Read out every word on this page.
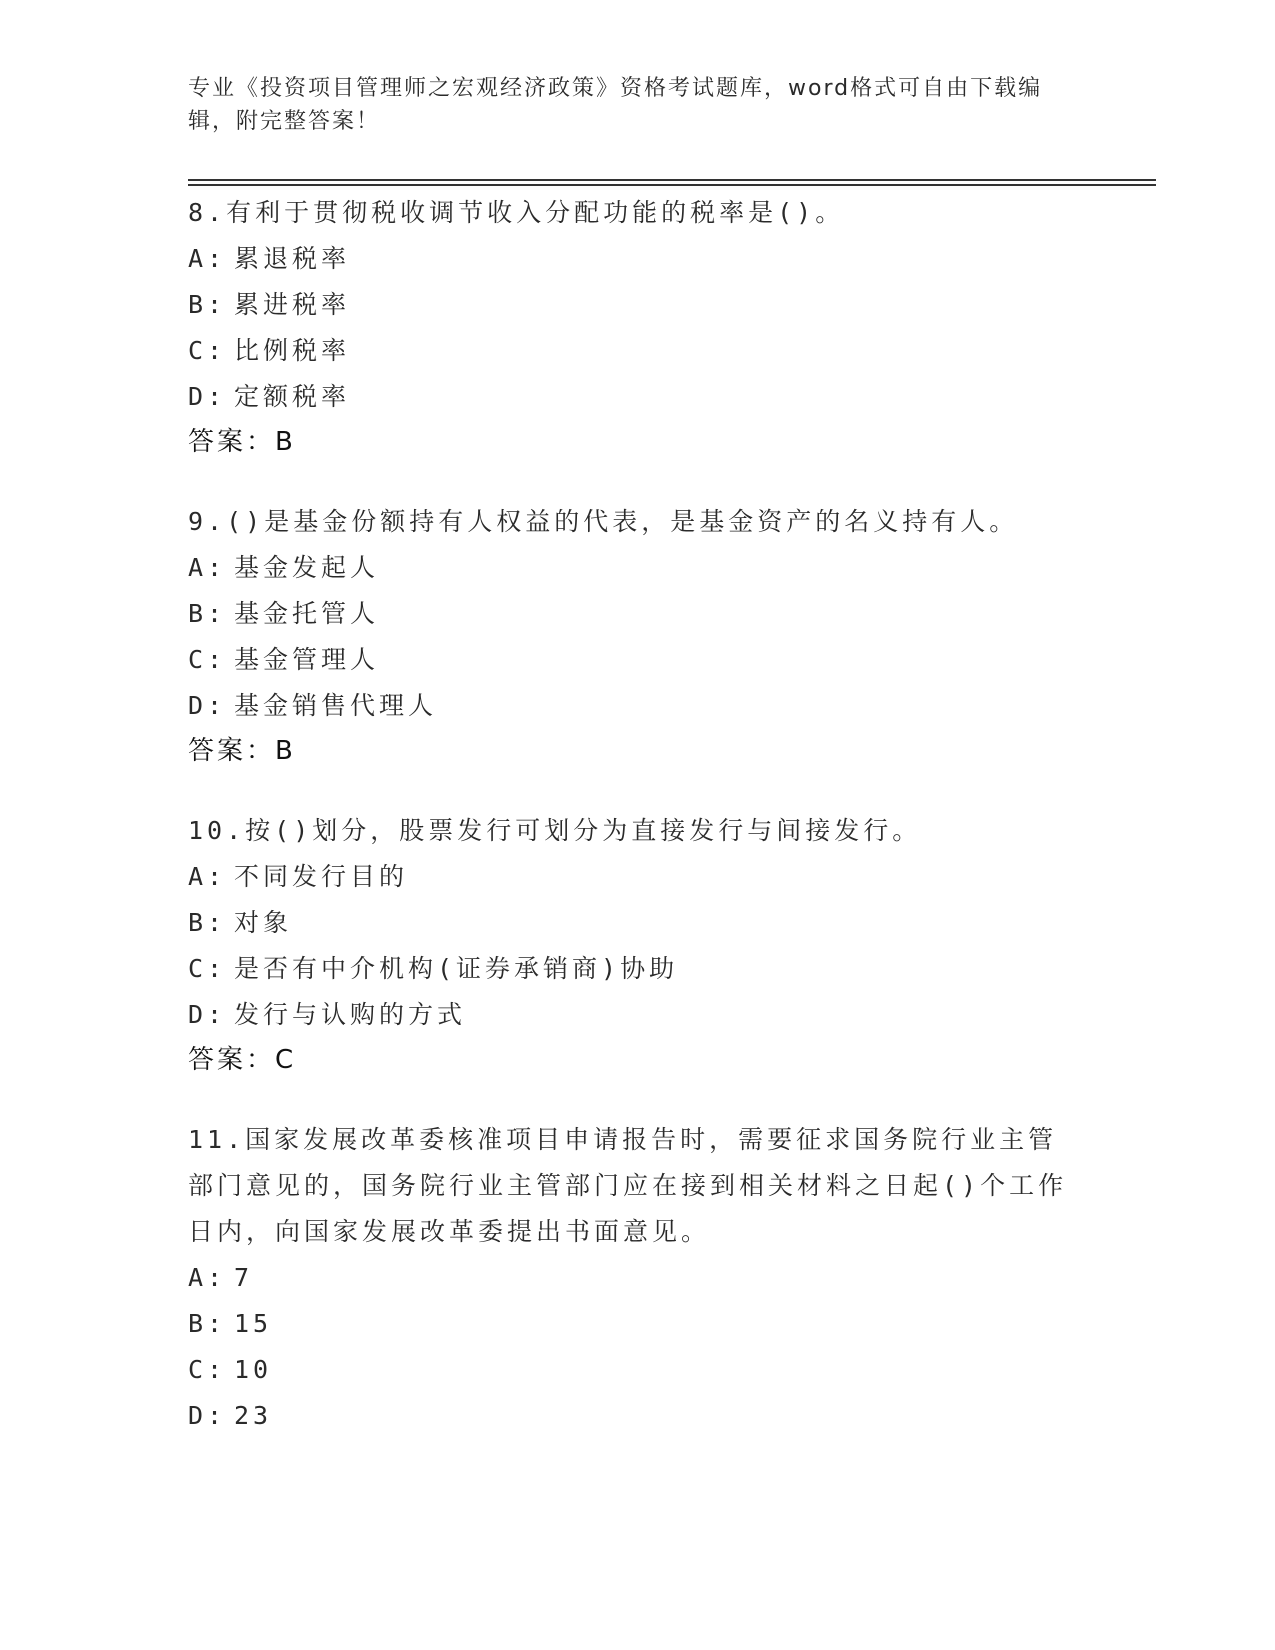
专业《投资项目管理师之宏观经济政策》资格考试题库，word格式可自由下载编辑，附完整答案！
8.有利于贯彻税收调节收入分配功能的税率是()。
A: 累退税率
B: 累进税率
C: 比例税率
D: 定额税率
答案：B
9.()是基金份额持有人权益的代表，是基金资产的名义持有人。
A: 基金发起人
B: 基金托管人
C: 基金管理人
D: 基金销售代理人
答案：B
10.按()划分，股票发行可划分为直接发行与间接发行。
A: 不同发行目的
B: 对象
C: 是否有中介机构(证券承销商)协助
D: 发行与认购的方式
答案：C
11.国家发展改革委核准项目申请报告时，需要征求国务院行业主管部门意见的，国务院行业主管部门应在接到相关材料之日起()个工作日内，向国家发展改革委提出书面意见。
A: 7
B: 15
C: 10
D: 23
